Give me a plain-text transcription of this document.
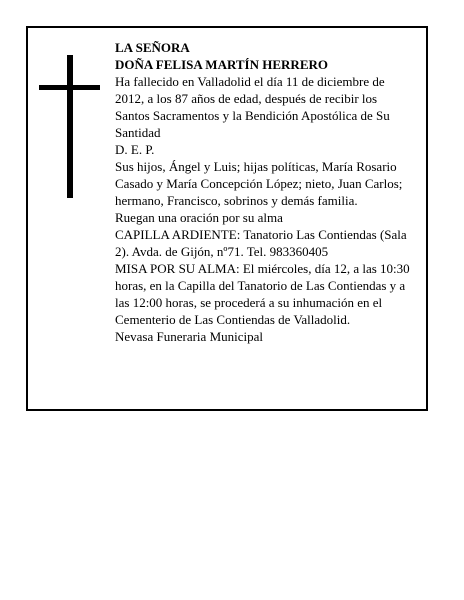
LA SEÑORA

DOÑA FELISA MARTÍN HERRERO

Ha fallecido en Valladolid el día 11 de diciembre de 2012, a los 87 años de edad, después de recibir los Santos Sacramentos y la Bendición Apostólica de Su Santidad

D. E. P.

Sus hijos, Ángel y Luis; hijas políticas, María Rosario Casado y María Concepción López; nieto, Juan Carlos; hermano, Francisco, sobrinos y demás familia.

Ruegan una oración por su alma

CAPILLA ARDIENTE: Tanatorio Las Contiendas (Sala 2). Avda. de Gijón, nº71. Tel. 983360405

MISA POR SU ALMA: El miércoles, día 12, a las 10:30 horas, en la Capilla del Tanatorio de Las Contiendas y a las 12:00 horas, se procederá a su inhumación en el Cementerio de Las Contiendas de Valladolid.

Nevasa Funeraria Municipal
